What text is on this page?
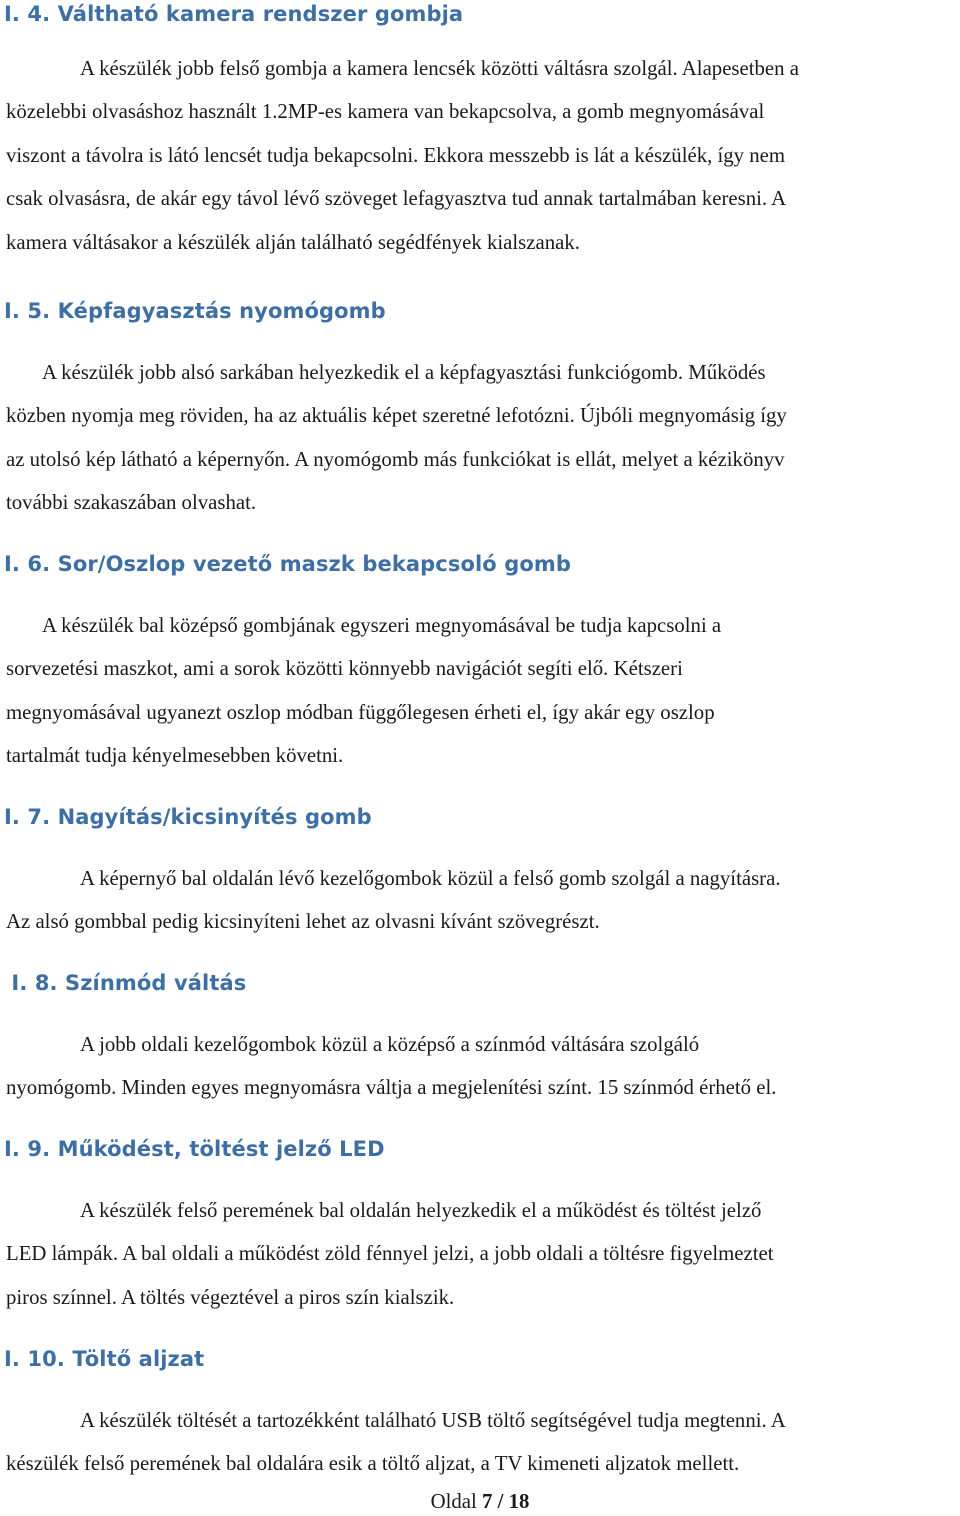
I. 4. Váltható kamera rendszer gombja
A készülék jobb felső gombja a kamera lencsék közötti váltásra szolgál. Alapesetben a
közelebbi olvasáshoz használt 1.2MP-es kamera van bekapcsolva, a gomb megnyomásával
viszont a távolra is látó lencsét tudja bekapcsolni. Ekkora messzebb is lát a készülék, így nem
csak olvasásra, de akár egy távol lévő szöveget lefagyasztva tud annak tartalmában keresni. A
kamera váltásakor a készülék alján található segédfények kialszanak.
I. 5. Képfagyasztás nyomógomb
A készülék jobb alsó sarkában helyezkedik el a képfagyasztási funkciógomb. Működés
közben nyomja meg röviden, ha az aktuális képet szeretné lefotózni. Újbóli megnyomásig így
az utolsó kép látható a képernyőn. A nyomógomb más funkciókat is ellát, melyet a kézikönyv
további szakaszában olvashat.
I. 6. Sor/Oszlop vezető maszk bekapcsoló gomb
A készülék bal középső gombjának egyszeri megnyomásával be tudja kapcsolni a
sorvezetési maszkot, ami a sorok közötti könnyebb navigációt segíti elő. Kétszeri
megnyomásával ugyanezt oszlop módban függőlegesen érheti el, így akár egy oszlop
tartalmát tudja kényelmesebben követni.
I. 7. Nagyítás/kicsinyítés gomb
A képernyő bal oldalán lévő kezelőgombok közül a felső gomb szolgál a nagyításra.
Az alsó gombbal pedig kicsinyíteni lehet az olvasni kívánt szövegrészt.
I. 8. Színmód váltás
A jobb oldali kezelőgombok közül a középső a színmód váltására szolgáló
nyomógomb. Minden egyes megnyomásra váltja a megjelenítési színt. 15 színmód érhető el.
I. 9. Működést, töltést jelző LED
A készülék felső peremének bal oldalán helyezkedik el a működést és töltést jelző
LED lámpák. A bal oldali a működést zöld fénnyel jelzi, a jobb oldali a töltésre figyelmeztet
piros színnel. A töltés végeztével a piros szín kialszik.
I. 10. Töltő aljzat
A készülék töltését a tartozékként található USB töltő segítségével tudja megtenni. A
készülék felső peremének bal oldalára esik a töltő aljzat, a TV kimeneti aljzatok mellett.
Oldal 7 / 18
